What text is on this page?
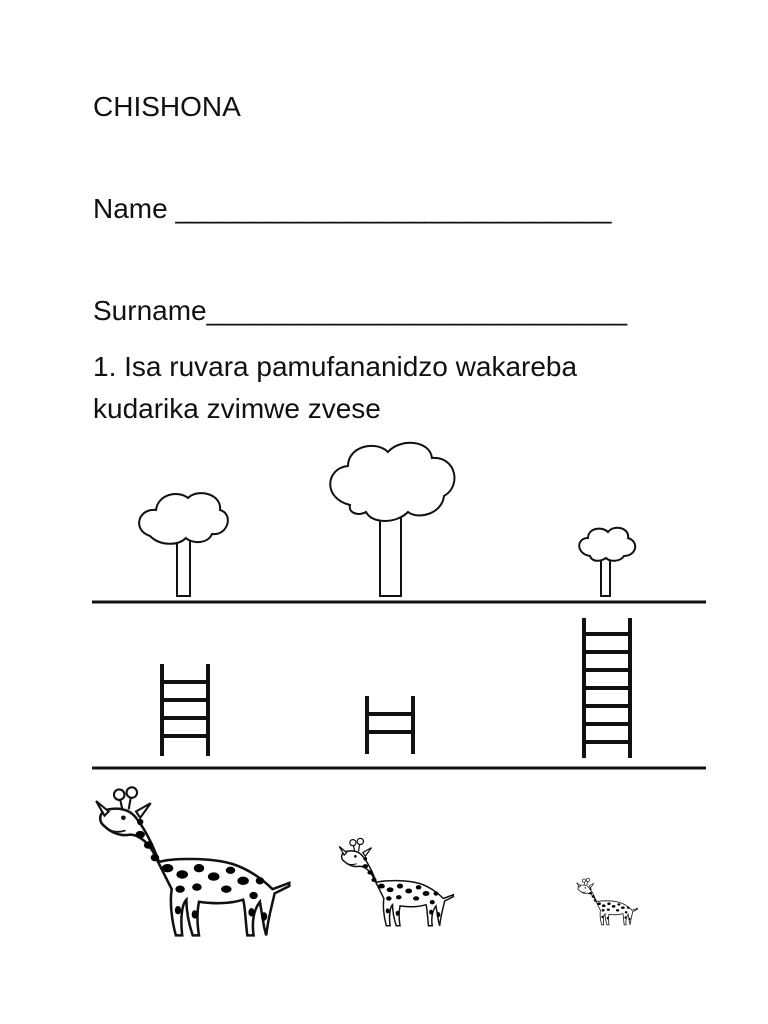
CHISHONA
Name ____________________________
Surname___________________________
1. Isa ruvara pamufananidzo wakareba
kudarika zvimwe zvese
